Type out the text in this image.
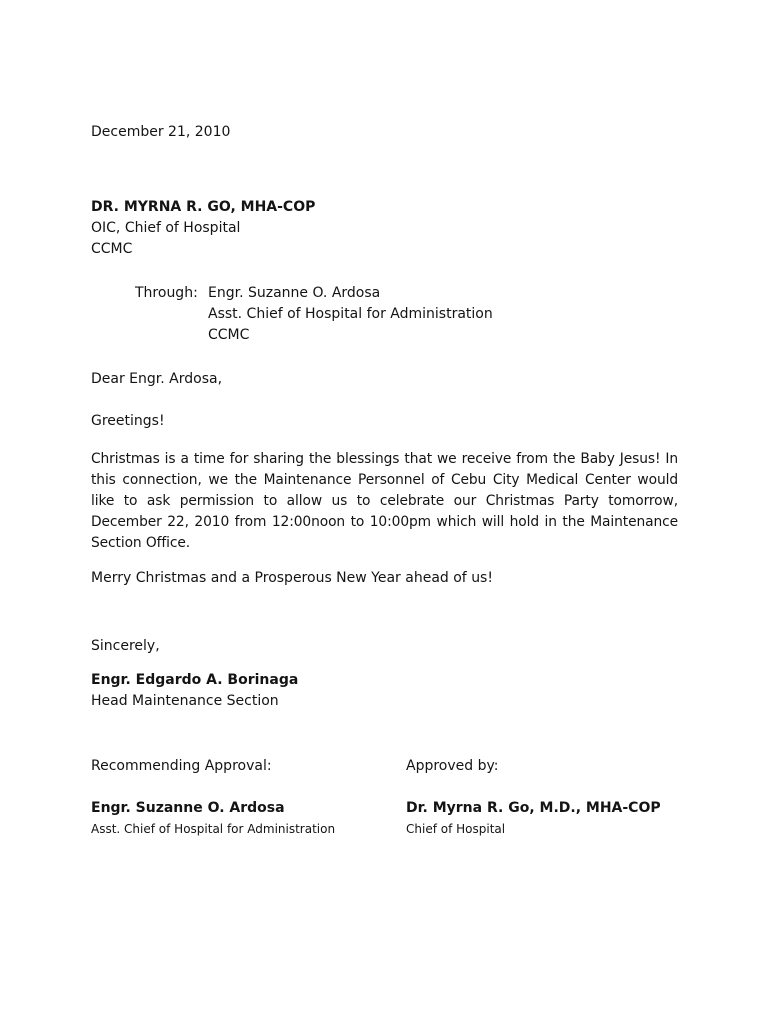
December 21, 2010
DR. MYRNA R. GO, MHA-COP
OIC, Chief of Hospital
CCMC
Through: Engr. Suzanne O. Ardosa
Asst. Chief of Hospital for Administration
CCMC
Dear Engr. Ardosa,
Greetings!
Christmas is a time for sharing the blessings that we receive from the Baby Jesus! In this connection, we the Maintenance Personnel of Cebu City Medical Center would like to ask permission to allow us to celebrate our Christmas Party tomorrow, December 22, 2010 from 12:00noon to 10:00pm which will hold in the Maintenance Section Office.
Merry Christmas and a Prosperous New Year ahead of us!
Sincerely,
Engr. Edgardo A. Borinaga
Head Maintenance Section
Recommending Approval:
Engr. Suzanne O. Ardosa
Asst. Chief of Hospital for Administration
Approved by:
Dr. Myrna R. Go, M.D., MHA-COP
Chief of Hospital
